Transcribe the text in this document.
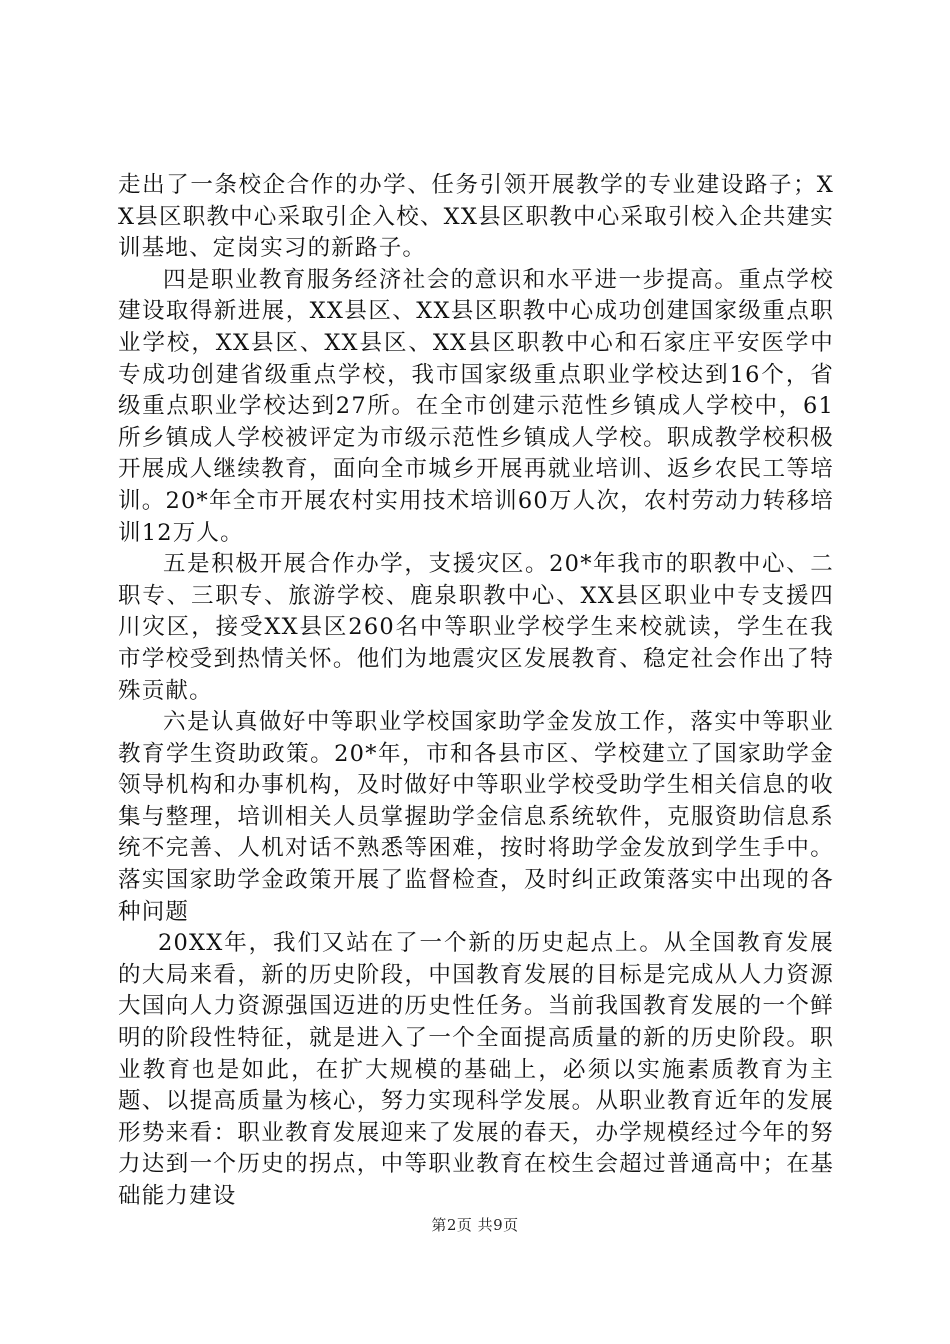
走出了一条校企合作的办学、任务引领开展教学的专业建设路子；XX县区职教中心采取引企入校、XX县区职教中心采取引校入企共建实训基地、定岗实习的新路子。

四是职业教育服务经济社会的意识和水平进一步提高。重点学校建设取得新进展，XX县区、XX县区职教中心成功创建国家级重点职业学校，XX县区、XX县区、XX县区职教中心和石家庄平安医学中专成功创建省级重点学校，我市国家级重点职业学校达到16个，省级重点职业学校达到27所。在全市创建示范性乡镇成人学校中，61所乡镇成人学校被评定为市级示范性乡镇成人学校。职成教学校积极开展成人继续教育，面向全市城乡开展再就业培训、返乡农民工等培训。20*年全市开展农村实用技术培训60万人次，农村劳动力转移培训12万人。

五是积极开展合作办学，支援灾区。20*年我市的职教中心、二职专、三职专、旅游学校、鹿泉职教中心、XX县区职业中专支援四川灾区，接受XX县区260名中等职业学校学生来校就读，学生在我市学校受到热情关怀。他们为地震灾区发展教育、稳定社会作出了特殊贡献。

六是认真做好中等职业学校国家助学金发放工作，落实中等职业教育学生资助政策。20*年，市和各县市区、学校建立了国家助学金领导机构和办事机构，及时做好中等职业学校受助学生相关信息的收集与整理，培训相关人员掌握助学金信息系统软件，克服资助信息系统不完善、人机对话不熟悉等困难，按时将助学金发放到学生手中。落实国家助学金政策开展了监督检查，及时纠正政策落实中出现的各种问题

20XX年，我们又站在了一个新的历史起点上。从全国教育发展的大局来看，新的历史阶段，中国教育发展的目标是完成从人力资源大国向人力资源强国迈进的历史性任务。当前我国教育发展的一个鲜明的阶段性特征，就是进入了一个全面提高质量的新的历史阶段。职业教育也是如此，在扩大规模的基础上，必须以实施素质教育为主题、以提高质量为核心，努力实现科学发展。从职业教育近年的发展形势来看：职业教育发展迎来了发展的春天，办学规模经过今年的努力达到一个历史的拐点，中等职业教育在校生会超过普通高中；在基础能力建设

第2页 共9页
